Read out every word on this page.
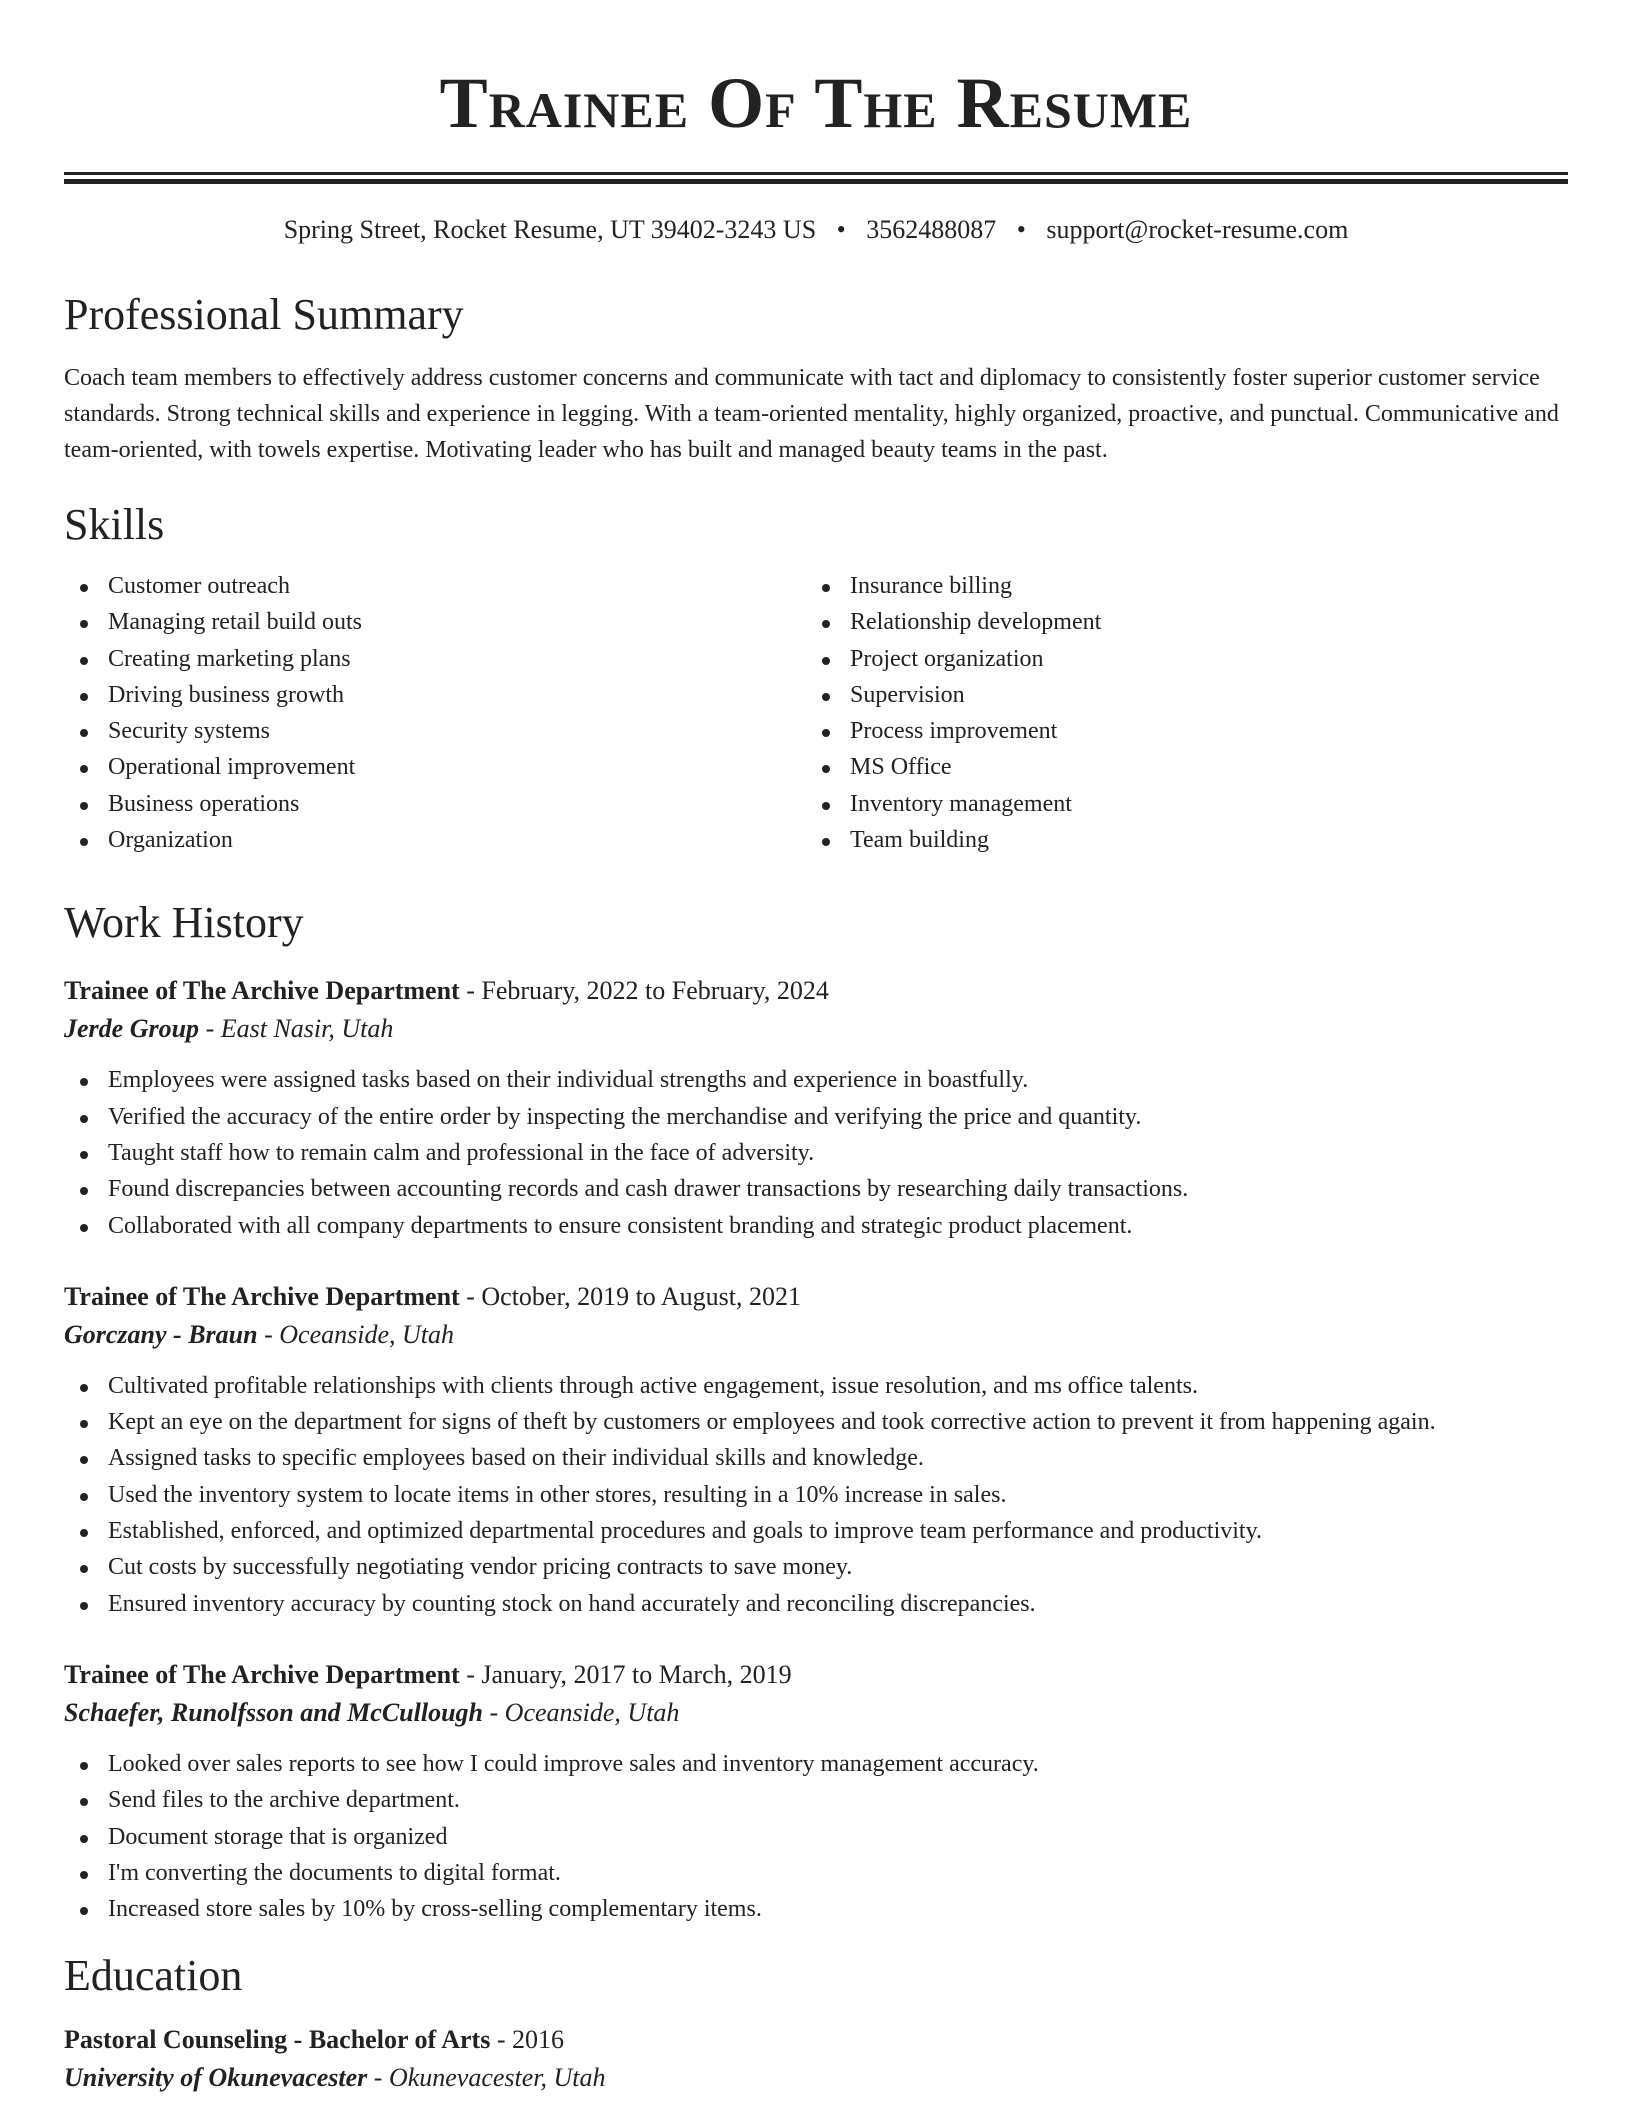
Trainee Of The Resume
Spring Street, Rocket Resume, UT 39402-3243 US • 3562488087 • support@rocket-resume.com
Professional Summary

Coach team members to effectively address customer concerns and communicate with tact and diplomacy to consistently foster superior customer service standards. Strong technical skills and experience in legging. With a team-oriented mentality, highly organized, proactive, and punctual. Communicative and team-oriented, with towels expertise. Motivating leader who has built and managed beauty teams in the past.

Skills
Customer outreach
Managing retail build outs
Creating marketing plans
Driving business growth
Security systems
Operational improvement
Business operations
Organization
Insurance billing
Relationship development
Project organization
Supervision
Process improvement
MS Office
Inventory management
Team building
Work History
Trainee of The Archive Department - February, 2022 to February, 2024
Jerde Group - East Nasir, Utah
Employees were assigned tasks based on their individual strengths and experience in boastfully.
Verified the accuracy of the entire order by inspecting the merchandise and verifying the price and quantity.
Taught staff how to remain calm and professional in the face of adversity.
Found discrepancies between accounting records and cash drawer transactions by researching daily transactions.
Collaborated with all company departments to ensure consistent branding and strategic product placement.
Trainee of The Archive Department - October, 2019 to August, 2021
Gorczany - Braun - Oceanside, Utah
Cultivated profitable relationships with clients through active engagement, issue resolution, and ms office talents.
Kept an eye on the department for signs of theft by customers or employees and took corrective action to prevent it from happening again.
Assigned tasks to specific employees based on their individual skills and knowledge.
Used the inventory system to locate items in other stores, resulting in a 10% increase in sales.
Established, enforced, and optimized departmental procedures and goals to improve team performance and productivity.
Cut costs by successfully negotiating vendor pricing contracts to save money.
Ensured inventory accuracy by counting stock on hand accurately and reconciling discrepancies.
Trainee of The Archive Department - January, 2017 to March, 2019
Schaefer, Runolfsson and McCullough - Oceanside, Utah
Looked over sales reports to see how I could improve sales and inventory management accuracy.
Send files to the archive department.
Document storage that is organized
I'm converting the documents to digital format.
Increased store sales by 10% by cross-selling complementary items.
Education
Pastoral Counseling - Bachelor of Arts - 2016
University of Okunevacester - Okunevacester, Utah
